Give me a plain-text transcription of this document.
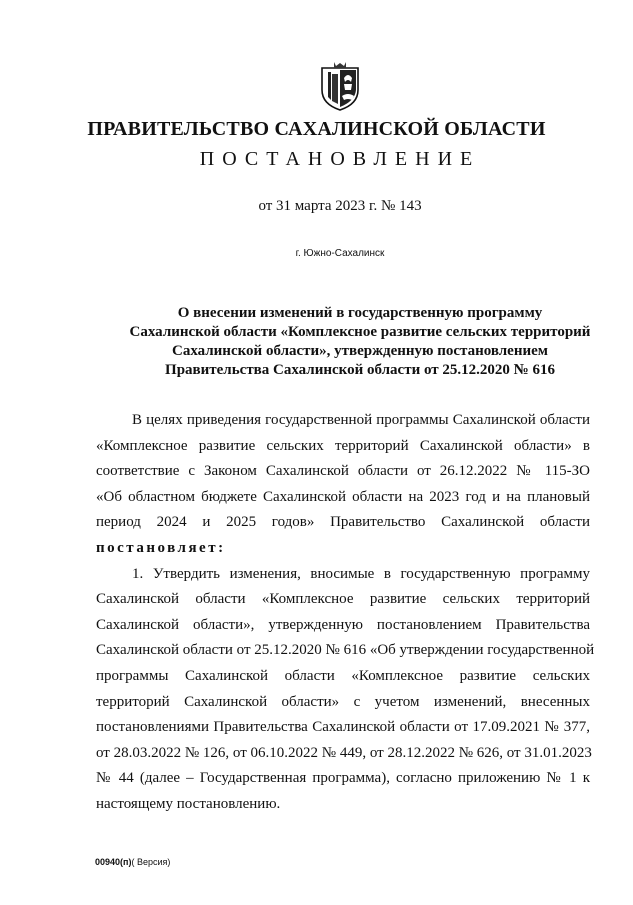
ПРАВИТЕЛЬСТВО САХАЛИНСКОЙ ОБЛАСТИ
ПОСТАНОВЛЕНИЕ
от 31 марта 2023 г. № 143
г. Южно-Сахалинск
О внесении изменений в государственную программу
Сахалинской области «Комплексное развитие сельских территорий
Сахалинской области», утвержденную постановлением
Правительства Сахалинской области от 25.12.2020 № 616
В целях приведения государственной программы Сахалинской области
«Комплексное развитие сельских территорий Сахалинской области» в
соответствие с Законом Сахалинской области от 26.12.2022 № 115-ЗО
«Об областном бюджете Сахалинской области на 2023 год и на плановый
период 2024 и 2025 годов» Правительство Сахалинской области
постановляет:
1. Утвердить изменения, вносимые в государственную программу
Сахалинской области «Комплексное развитие сельских территорий
Сахалинской области», утвержденную постановлением Правительства
Сахалинской области от 25.12.2020 № 616 «Об утверждении государственной
программы Сахалинской области «Комплексное развитие сельских
территорий Сахалинской области» с учетом изменений, внесенных
постановлениями Правительства Сахалинской области от 17.09.2021 № 377,
от 28.03.2022 № 126, от 06.10.2022 № 449, от 28.12.2022 № 626, от 31.01.2023
№ 44 (далее – Государственная программа), согласно приложению № 1 к
настоящему постановлению.
00940(п)( Версия)
